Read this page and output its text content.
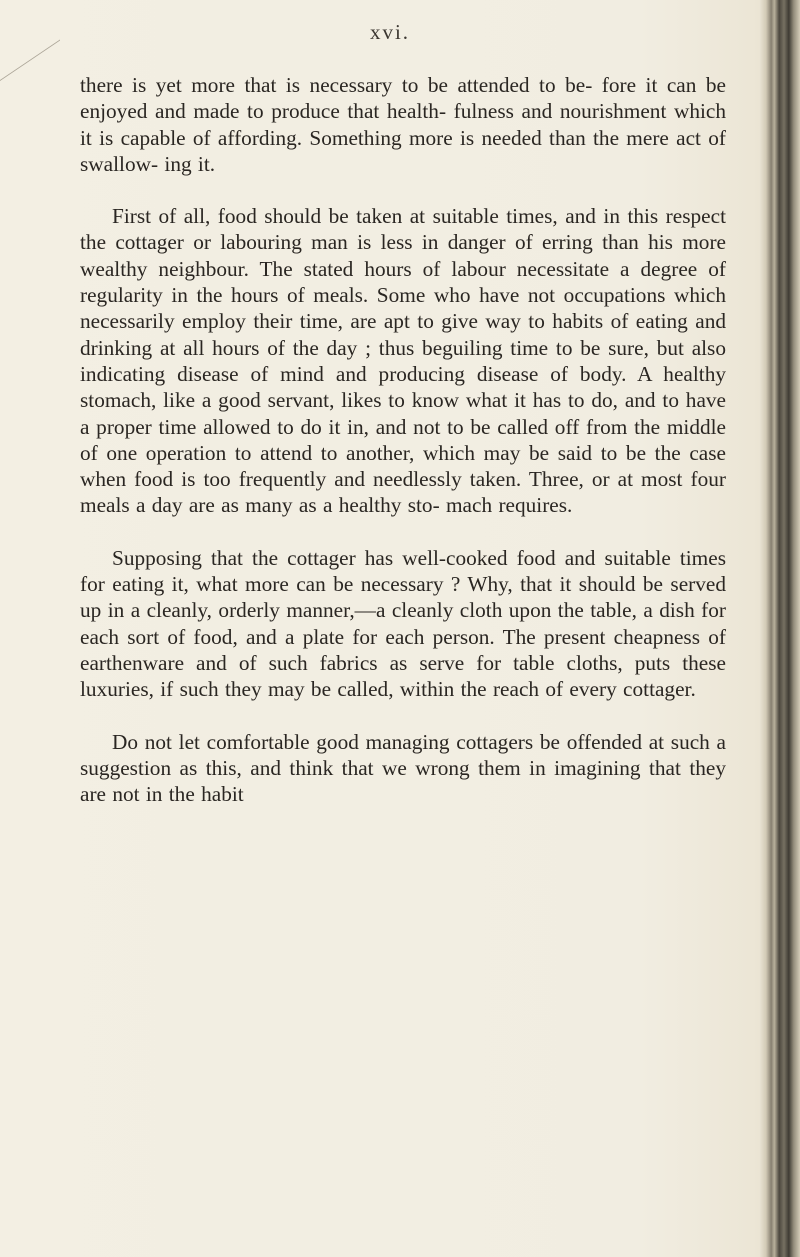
xvi.

there is yet more that is necessary to be attended to be- fore it can be enjoyed and made to produce that health- fulness and nourishment which it is capable of affording. Something more is needed than the mere act of swallow- ing it.

First of all, food should be taken at suitable times, and in this respect the cottager or labouring man is less in danger of erring than his more wealthy neighbour. The stated hours of labour necessitate a degree of regularity in the hours of meals. Some who have not occupations which necessarily employ their time, are apt to give way to habits of eating and drinking at all hours of the day ; thus beguiling time to be sure, but also indicating disease of mind and producing disease of body. A healthy stomach, like a good servant, likes to know what it has to do, and to have a proper time allowed to do it in, and not to be called off from the middle of one operation to attend to another, which may be said to be the case when food is too frequently and needlessly taken. Three, or at most four meals a day are as many as a healthy sto- mach requires.

Supposing that the cottager has well-cooked food and suitable times for eating it, what more can be necessary ? Why, that it should be served up in a cleanly, orderly manner,—a cleanly cloth upon the table, a dish for each sort of food, and a plate for each person. The present cheapness of earthenware and of such fabrics as serve for table cloths, puts these luxuries, if such they may be called, within the reach of every cottager.

Do not let comfortable good managing cottagers be offended at such a suggestion as this, and think that we wrong them in imagining that they are not in the habit
